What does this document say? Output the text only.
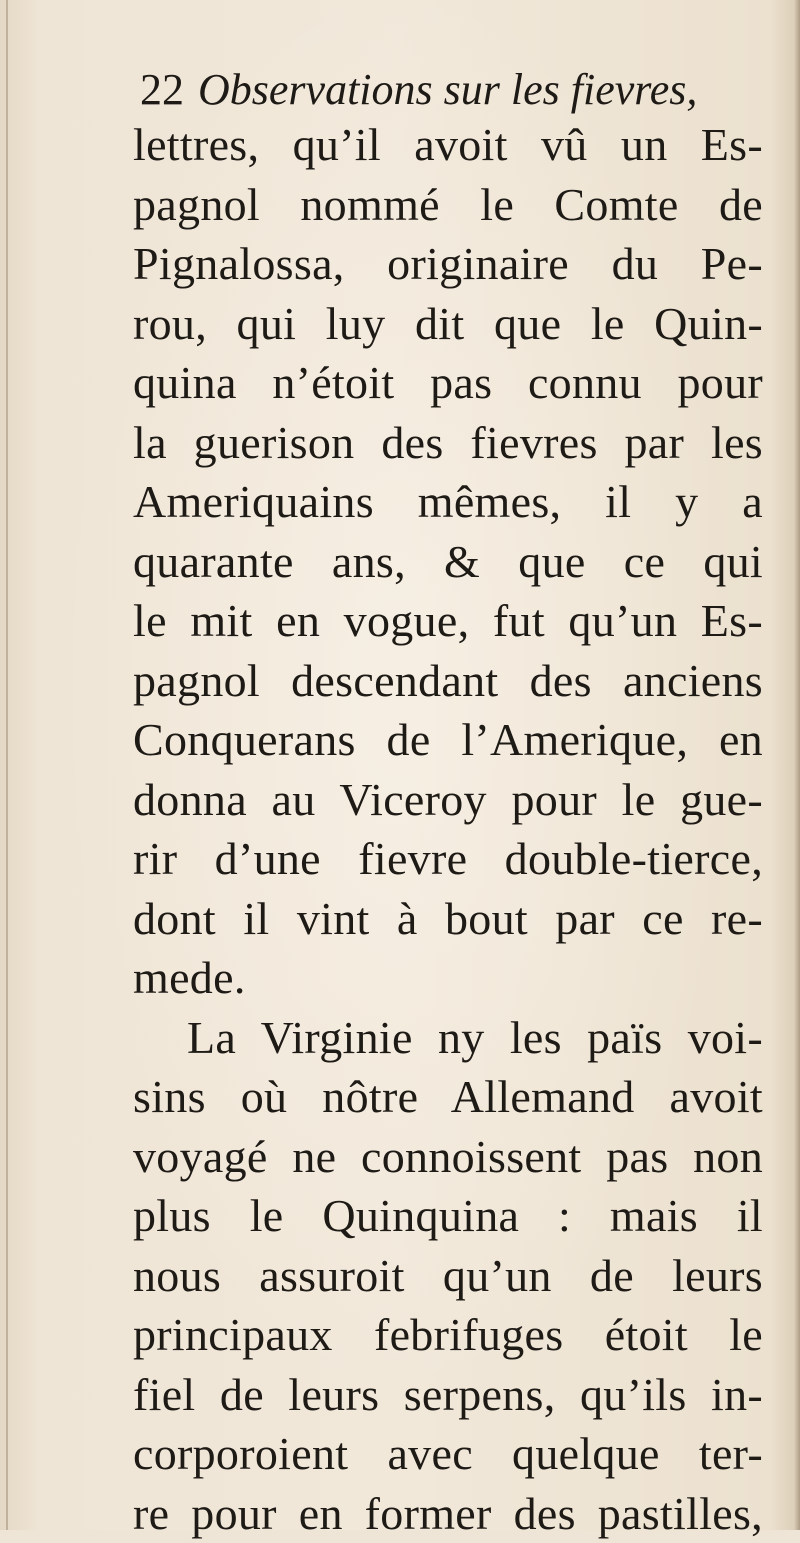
22 Observations sur les fievres,
lettres, qu’il avoit vû un Es-
pagnol nommé le Comte de
Pignalossa, originaire du Pe-
rou, qui luy dit que le Quin-
quina n’étoit pas connu pour
la guerison des fievres par les
Ameriquains mêmes, il y a
quarante ans, & que ce qui
le mit en vogue, fut qu’un Es-
pagnol descendant des anciens
Conquerans de l’Amerique, en
donna au Viceroy pour le gue-
rir d’une fievre double-tierce,
dont il vint à bout par ce re-
mede.
La Virginie ny les païs voi-
sins où nôtre Allemand avoit
voyagé ne connoissent pas non
plus le Quinquina : mais il
nous assuroit qu’un de leurs
principaux febrifuges étoit le
fiel de leurs serpens, qu’ils in-
corporoient avec quelque ter-
re pour en former des pastilles,
